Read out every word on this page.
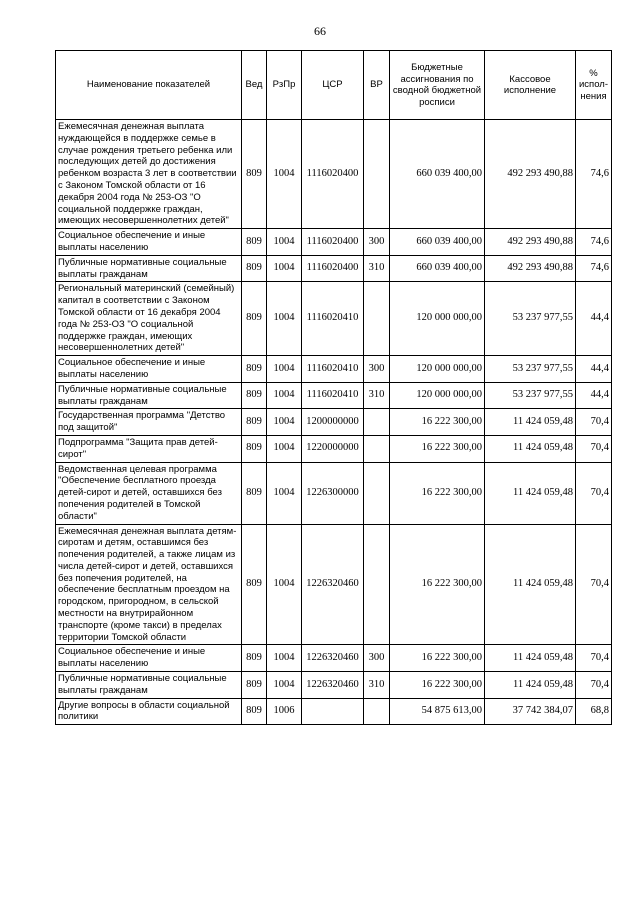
66
Наименование показателей	Вед	РзПр	ЦСР	ВР	Бюджетные ассигнования по сводной бюджетной росписи	Кассовое исполнение	% испол-нения
Ежемесячная денежная выплата нуждающейся в поддержке семье в случае рождения третьего ребенка или последующих детей до достижения ребенком возраста 3 лет в соответствии с Законом Томской области от 16 декабря 2004 года № 253-ОЗ "О социальной поддержке граждан, имеющих несовершеннолетних детей"	809	1004	1116020400		660 039 400,00	492 293 490,88	74,6
Социальное обеспечение и иные выплаты населению	809	1004	1116020400	300	660 039 400,00	492 293 490,88	74,6
Публичные нормативные социальные выплаты гражданам	809	1004	1116020400	310	660 039 400,00	492 293 490,88	74,6
Региональный материнский (семейный) капитал в соответствии с Законом Томской области от 16 декабря 2004 года № 253-ОЗ "О социальной поддержке граждан, имеющих несовершеннолетних детей"	809	1004	1116020410		120 000 000,00	53 237 977,55	44,4
Социальное обеспечение и иные выплаты населению	809	1004	1116020410	300	120 000 000,00	53 237 977,55	44,4
Публичные нормативные социальные выплаты гражданам	809	1004	1116020410	310	120 000 000,00	53 237 977,55	44,4
Государственная программа "Детство под защитой"	809	1004	1200000000		16 222 300,00	11 424 059,48	70,4
Подпрограмма "Защита прав детей-сирот"	809	1004	1220000000		16 222 300,00	11 424 059,48	70,4
Ведомственная целевая программа "Обеспечение бесплатного проезда детей-сирот и детей, оставшихся без попечения родителей в Томской области"	809	1004	1226300000		16 222 300,00	11 424 059,48	70,4
Ежемесячная денежная выплата детям-сиротам и детям, оставшимся без попечения родителей, а также лицам из числа детей-сирот и детей, оставшихся без попечения родителей, на обеспечение бесплатным проездом на городском, пригородном, в сельской местности на внутрирайонном транспорте (кроме такси) в пределах территории Томской области	809	1004	1226320460		16 222 300,00	11 424 059,48	70,4
Социальное обеспечение и иные выплаты населению	809	1004	1226320460	300	16 222 300,00	11 424 059,48	70,4
Публичные нормативные социальные выплаты гражданам	809	1004	1226320460	310	16 222 300,00	11 424 059,48	70,4
Другие вопросы в области социальной политики	809	1006			54 875 613,00	37 742 384,07	68,8
